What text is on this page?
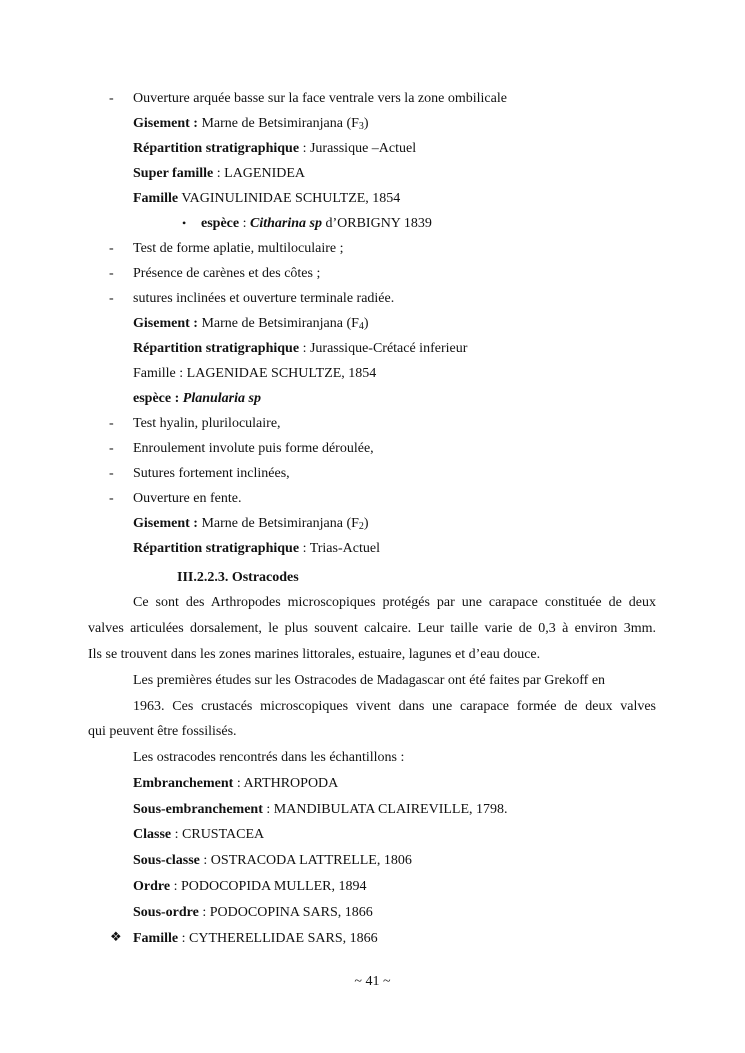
- Ouverture arquée basse sur la face ventrale vers la zone ombilicale
Gisement : Marne de Betsimiranjana $(F_3)$
Répartition stratigraphique : Jurassique –Actuel
Super famille : LAGENIDEA
Famille VAGINULINIDAE SCHULTZE, 1854
• espèce : Citharina sp d’ORBIGNY 1839
- Test de forme aplatie, multiloculaire ;
- Présence de carènes et des côtes ;
- sutures inclinées et ouverture terminale radiée.
Gisement : Marne de Betsimiranjana $(F_4)$
Répartition stratigraphique : Jurassique-Crétacé inferieur
Famille : LAGENIDAE SCHULTZE, 1854
espèce : Planularia sp
- Test hyalin, pluriloculaire,
- Enroulement involute puis forme déroulée,
- Sutures fortement inclinées,
- Ouverture en fente.
Gisement : Marne de Betsimiranjana $(F_2)$
Répartition stratigraphique : Trias-Actuel
III.2.2.3. Ostracodes
Ce sont des Arthropodes microscopiques protégés par une carapace constituée de deux
valves articulées dorsalement, le plus souvent calcaire. Leur taille varie de 0,3 à environ 3mm.
Ils se trouvent dans les zones marines littorales, estuaire, lagunes et d’eau douce.
Les premières études sur les Ostracodes de Madagascar ont été faites par Grekoff en
1963. Ces crustacés microscopiques vivent dans une carapace formée de deux valves
qui peuvent être fossilisés.
Les ostracodes rencontrés dans les échantillons :
Embranchement : ARTHROPODA
Sous-embranchement : MANDIBULATA CLAIREVILLE, 1798.
Classe : CRUSTACEA
Sous-classe : OSTRACODA LATTRELLE, 1806
Ordre : PODOCOPIDA MULLER, 1894
Sous-ordre : PODOCOPINA SARS, 1866
❖ Famille : CYTHERELLIDAE SARS, 1866
~ 41 ~
